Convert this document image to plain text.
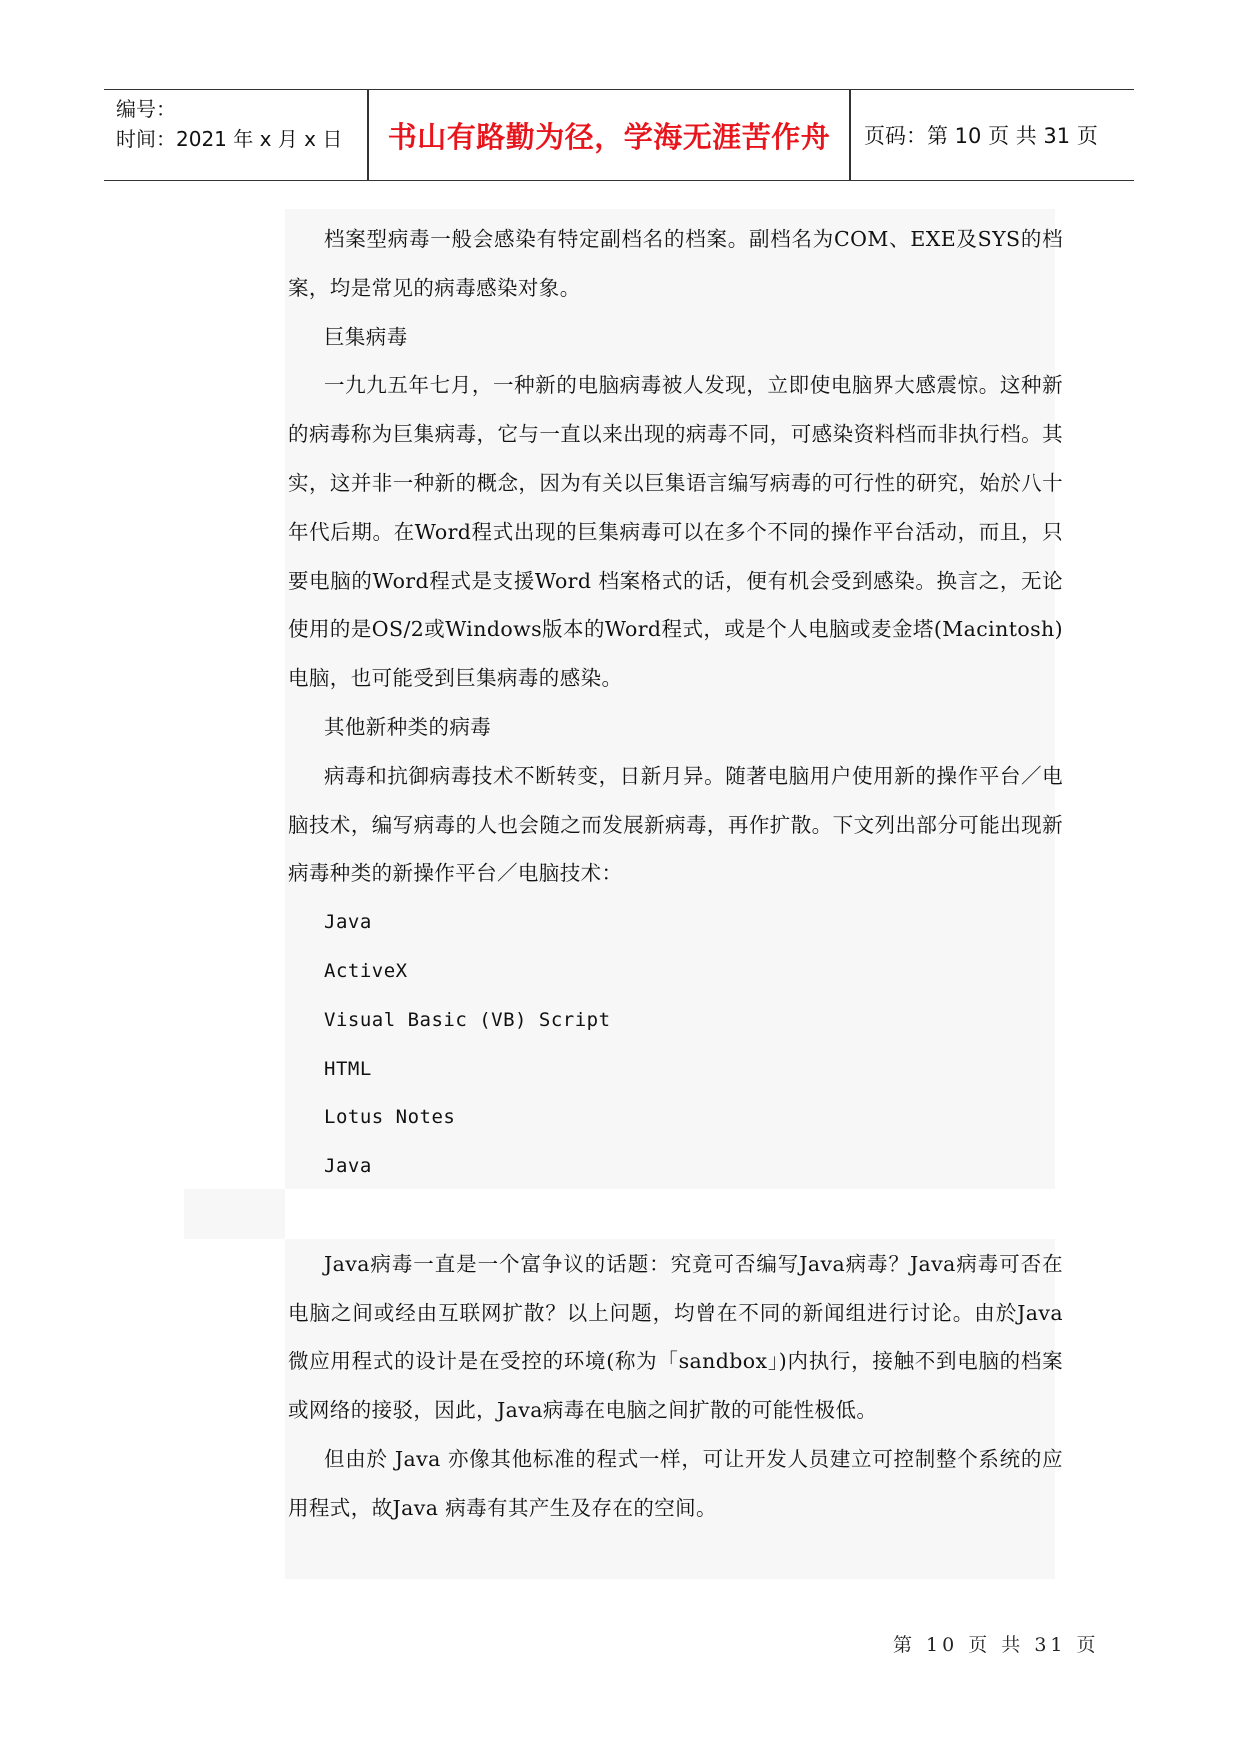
编号：
时间：2021 年 x 月 x 日	书山有路勤为径，学海无涯苦作舟	页码：第 10 页 共 31 页

档案型病毒一般会感染有特定副档名的档案。副档名为COM、EXE及SYS的档案，均是常见的病毒感染对象。

巨集病毒

一九九五年七月，一种新的电脑病毒被人发现，立即使电脑界大感震惊。这种新的病毒称为巨集病毒，它与一直以来出现的病毒不同，可感染资料档而非执行档。其实，这并非一种新的概念，因为有关以巨集语言编写病毒的可行性的研究，始於八十年代后期。在Word程式出现的巨集病毒可以在多个不同的操作平台活动，而且，只要电脑的Word程式是支援Word 档案格式的话，便有机会受到感染。换言之，无论使用的是OS/2或Windows版本的Word程式，或是个人电脑或麦金塔(Macintosh)电脑，也可能受到巨集病毒的感染。

其他新种类的病毒

病毒和抗御病毒技术不断转变，日新月异。随著电脑用户使用新的操作平台／电脑技术，编写病毒的人也会随之而发展新病毒，再作扩散。下文列出部分可能出现新病毒种类的新操作平台／电脑技术：

Java

ActiveX

Visual Basic (VB) Script

HTML

Lotus Notes

Java

Java病毒一直是一个富争议的话题：究竟可否编写Java病毒？Java病毒可否在电脑之间或经由互联网扩散？以上问题，均曾在不同的新闻组进行讨论。由於Java微应用程式的设计是在受控的环境(称为「sandbox」)内执行，接触不到电脑的档案或网络的接驳，因此，Java病毒在电脑之间扩散的可能性极低。

但由於 Java 亦像其他标准的程式一样，可让开发人员建立可控制整个系统的应用程式，故Java 病毒有其产生及存在的空间。

第 10 页 共 31 页
